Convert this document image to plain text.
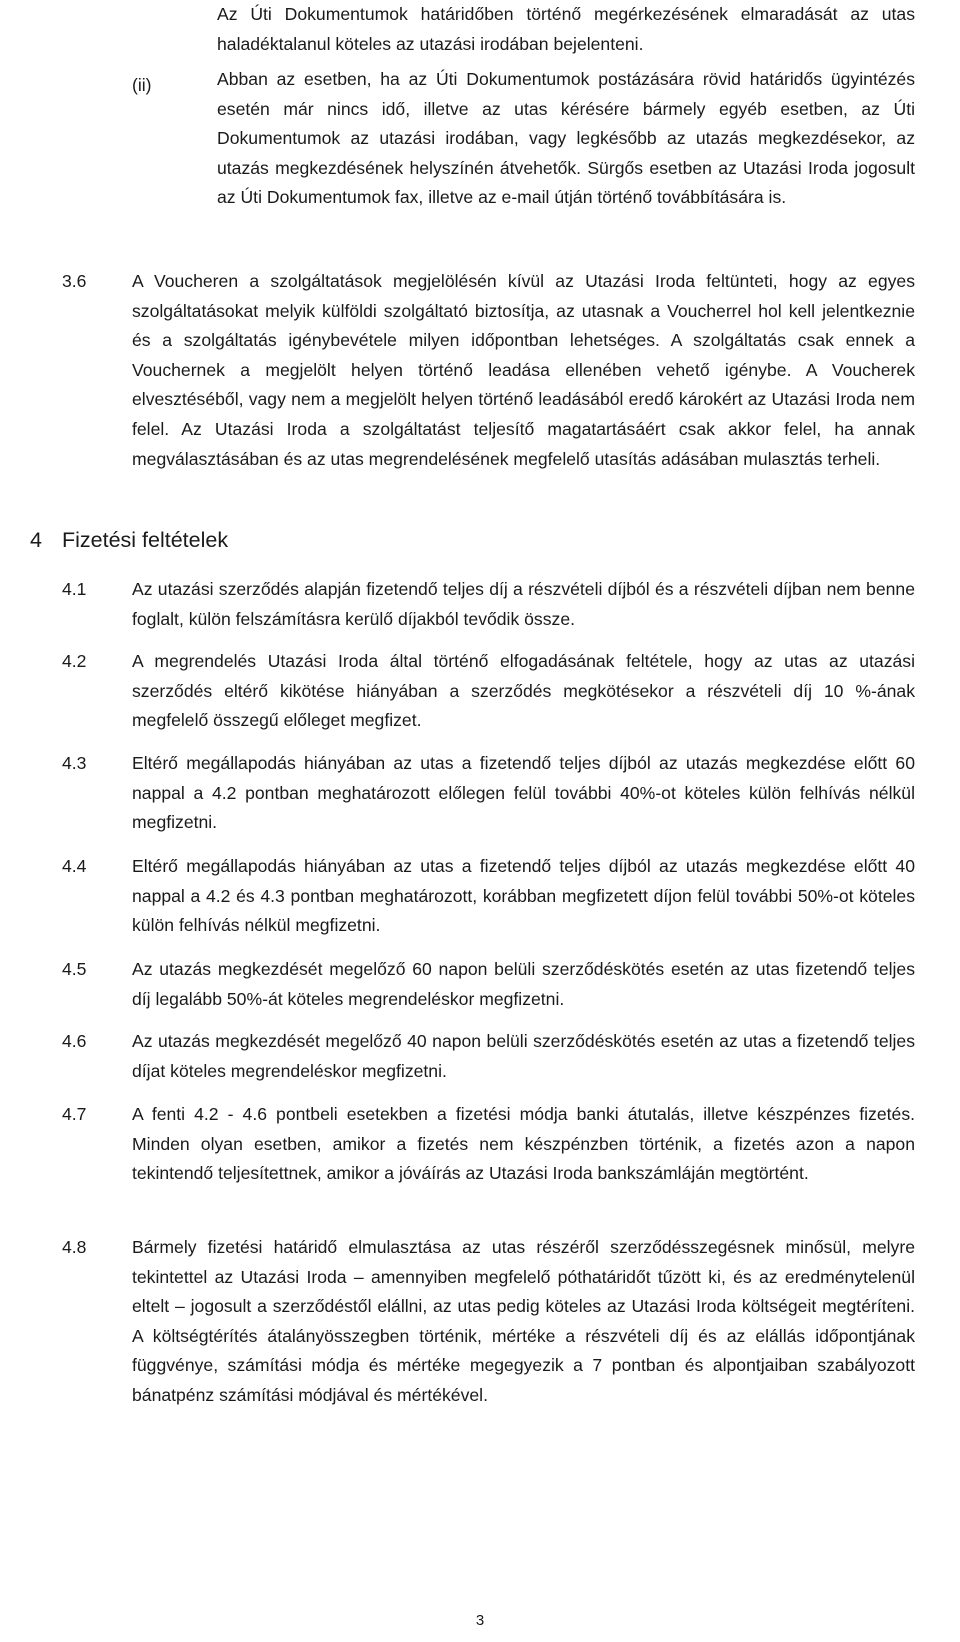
Az Úti Dokumentumok határidőben történő megérkezésének elmaradását az utas haladéktalanul köteles az utazási irodában bejelenteni.

(ii)	Abban az esetben, ha az Úti Dokumentumok postázására rövid határidős ügyintézés esetén már nincs idő, illetve az utas kérésére bármely egyéb esetben, az Úti Dokumentumok az utazási irodában, vagy legkésőbb az utazás megkezdésekor, az utazás megkezdésének helyszínén átvehetők. Sürgős esetben az Utazási Iroda jogosult az Úti Dokumentumok fax, illetve az e-mail útján történő továbbítására is.

3.6	A Voucheren a szolgáltatások megjelölésén kívül az Utazási Iroda feltünteti, hogy az egyes szolgáltatásokat melyik külföldi szolgáltató biztosítja, az utasnak a Voucherrel hol kell jelentkeznie és a szolgáltatás igénybevétele milyen időpontban lehetséges. A szolgáltatás csak ennek a Vouchernek a megjelölt helyen történő leadása ellenében vehető igénybe. A Voucherek elvesztéséből, vagy nem a megjelölt helyen történő leadásából eredő károkért az Utazási Iroda nem felel. Az Utazási Iroda a szolgáltatást teljesítő magatartásáért csak akkor felel, ha annak megválasztásában és az utas megrendelésének megfelelő utasítás adásában mulasztás terheli.

4 Fizetési feltételek
4.1	Az utazási szerződés alapján fizetendő teljes díj a részvételi díjból és a részvételi díjban nem benne foglalt, külön felszámításra kerülő díjakból tevődik össze.

4.2	A megrendelés Utazási Iroda által történő elfogadásának feltétele, hogy az utas az utazási szerződés eltérő kikötése hiányában a szerződés megkötésekor a részvételi díj 10 %-ának megfelelő összegű előleget megfizet.

4.3	Eltérő megállapodás hiányában az utas a fizetendő teljes díjból az utazás megkezdése előtt 60 nappal a 4.2 pontban meghatározott előlegen felül további 40%-ot köteles külön felhívás nélkül megfizetni.

4.4	Eltérő megállapodás hiányában az utas a fizetendő teljes díjból az utazás megkezdése előtt 40 nappal a 4.2 és 4.3 pontban meghatározott, korábban megfizetett díjon felül további 50%-ot köteles külön felhívás nélkül megfizetni.

4.5	Az utazás megkezdését megelőző 60 napon belüli szerződéskötés esetén az utas fizetendő teljes díj legalább 50%-át köteles megrendeléskor megfizetni.

4.6	Az utazás megkezdését megelőző 40 napon belüli szerződéskötés esetén az utas a fizetendő teljes díjat köteles megrendeléskor megfizetni.

4.7	A fenti 4.2 - 4.6 pontbeli esetekben a fizetési módja banki átutalás, illetve készpénzes fizetés. Minden olyan esetben, amikor a fizetés nem készpénzben történik, a fizetés azon a napon tekintendő teljesítettnek, amikor a jóváírás az Utazási Iroda bankszámláján megtörtént.

4.8	Bármely fizetési határidő elmulasztása az utas részéről szerződésszegésnek minősül, melyre tekintettel az Utazási Iroda – amennyiben megfelelő póthatáridőt tűzött ki, és az eredménytelenül eltelt – jogosult a szerződéstől elállni, az utas pedig köteles az Utazási Iroda költségeit megtéríteni. A költségtérítés átalányösszegben történik, mértéke a részvételi díj és az elállás időpontjának függvénye, számítási módja és mértéke megegyezik a 7 pontban és alpontjaiban szabályozott bánatpénz számítási módjával és mértékével.

3
